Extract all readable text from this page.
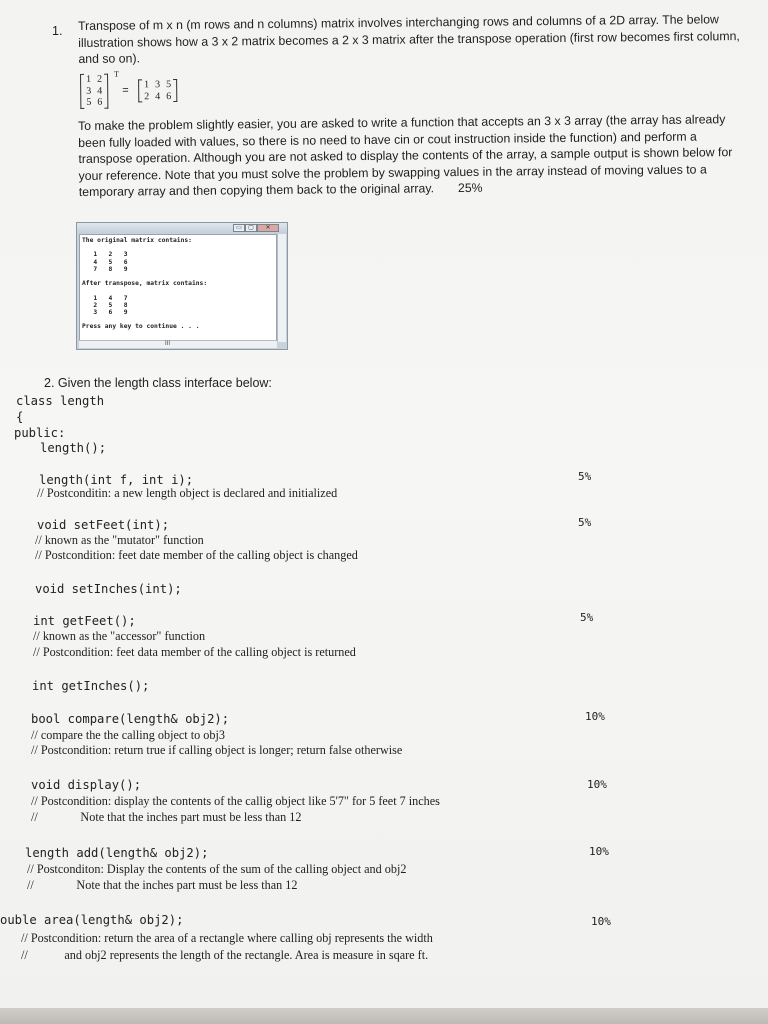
1. Transpose of m x n (m rows and n columns) matrix involves interchanging rows and columns of a 2D array. The below
illustration shows how a 3 x 2 matrix becomes a 2 x 3 matrix after the transpose operation (first row becomes first column,
and so on).
1 2
3 4
5 6
T
= 1 3 5
2 4 6
To make the problem slightly easier, you are asked to write a function that accepts an 3 x 3 array (the array has already
been fully loaded with values, so there is no need to have cin or cout instruction inside the function) and perform a
transpose operation. Although you are not asked to display the contents of the array, a sample output is shown below for
your reference. Note that you must solve the problem by swapping values in the array instead of moving values to a
temporary array and then copying them back to the original array. 25%
▭	▢	✕
The original matrix contains:
1   2   3
4   5   6
7   8   9
After transpose, matrix contains:
1   4   7
2   5   8
3   6   9
Press any key to continue . . .
III
2. Given the length class interface below:
class length
{
public:
length();
length(int f, int i);
// Postconditin: a new length object is declared and initialized
5%
void setFeet(int);
// known as the "mutator" function
// Postcondition: feet date member of the calling object is changed
5%
void setInches(int);
int getFeet();
// known as the "accessor" function
// Postcondition: feet data member of the calling object is returned
5%
int getInches();
bool compare(length& obj2);
// compare the the calling object to obj3
// Postcondition: return true if calling object is longer; return false otherwise
10%
void display();
// Postcondition: display the contents of the callig object like 5'7" for 5 feet 7 inches
//              Note that the inches part must be less than 12
10%
length add(length& obj2);
// Postconditon: Display the contents of the sum of the calling object and obj2
//              Note that the inches part must be less than 12
10%
ouble area(length& obj2);
// Postcondition: return the area of a rectangle where calling obj represents the width
//            and obj2 represents the length of the rectangle. Area is measure in sqare ft.
10%
